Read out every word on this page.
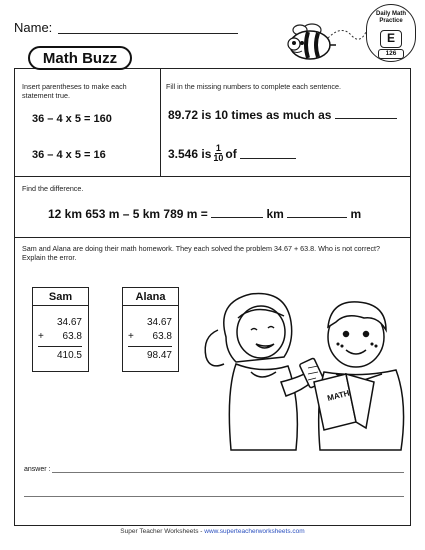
Name:
Daily Math
Practice
E
126
Math Buzz
Insert parentheses to make each statement true.
36 – 4 x 5 = 160
36 – 4 x 5 = 16
Fill in the missing numbers to complete each sentence.
89.72 is 10 times as much as
3.546 is $\frac{1}{10}$ of

Find the difference.
12 km 653 m – 5 km 789 m =	km	m
Sam and Alana are doing their math homework. They each solved the problem 34.67 + 63.8. Who is not correct? Explain the error.
Sam
34.67
+ 63.8
410.5
Alana
34.67
+ 63.8
98.47
MATH
answer :
Super Teacher Worksheets - www.superteacherworksheets.com
